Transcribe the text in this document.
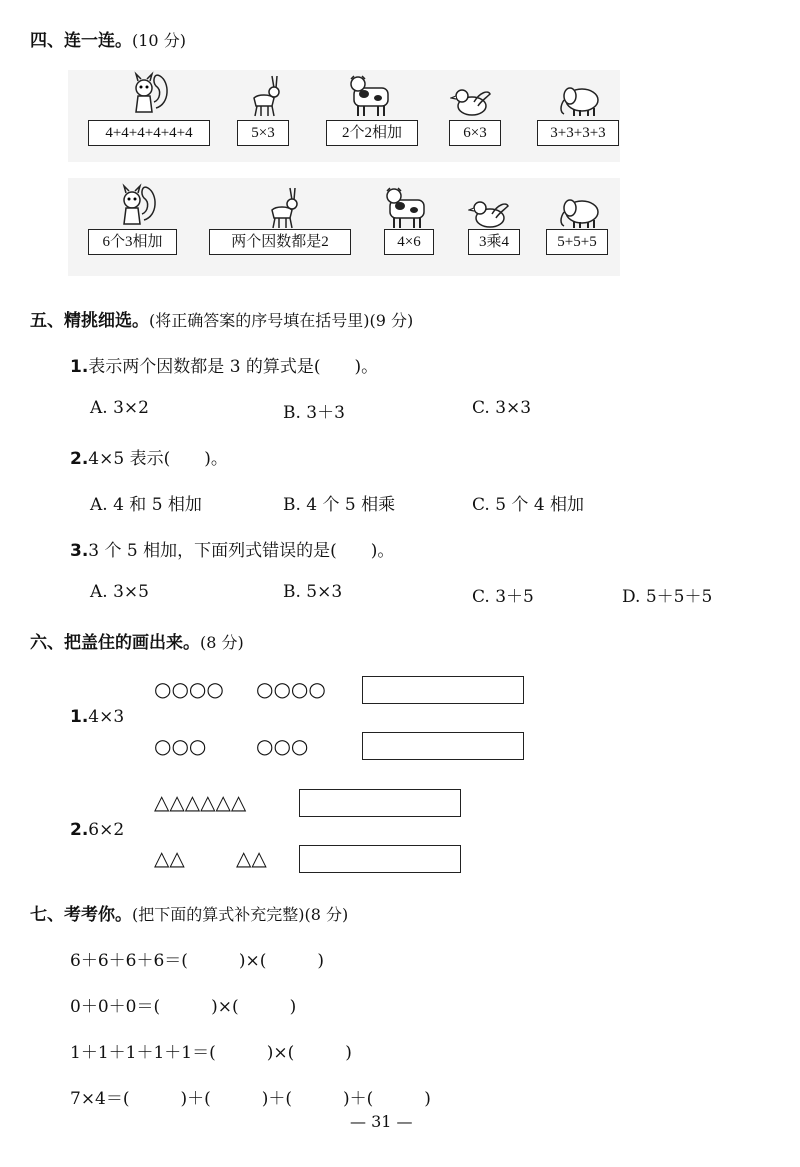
四、连一连。(10 分)
4+4+4+4+4+4	5×3	2个2相加	6×3	3+3+3+3
6个3相加	两个因数都是2	4×6	3乘4	5+5+5
五、精挑细选。(将正确答案的序号填在括号里)(9 分)
1.表示两个因数都是 3 的算式是(　　)。
A. 3×2	B. 3＋3	C. 3×3
2.4×5 表示(　　)。
A. 4 和 5 相加	B. 4 个 5 相乘	C. 5 个 4 相加
3.3 个 5 相加，下面列式错误的是(　　)。
A. 3×5	B. 5×3	C. 3＋5	D. 5＋5＋5
六、把盖住的画出来。(8 分)
○○○○ ○○○○
1.4×3
○○○ ○○○
△△△△△△
2.6×2
△△	△△
七、考考你。(把下面的算式补充完整)(8 分)
6＋6＋6＋6＝(　　　)×(　　　)
0＋0＋0＝(　　　)×(　　　)
1＋1＋1＋1＋1＝(　　　)×(　　　)
7×4＝(　　　)＋(　　　)＋(　　　)＋(　　　)
— 31 —
